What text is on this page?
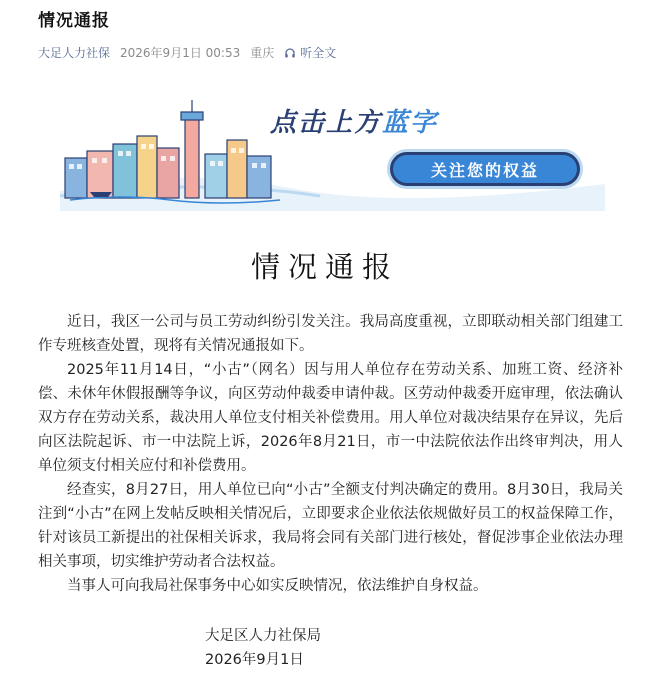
情况通报
大足人力社保 2026年9月1日 00:53 重庆 听全文
点击上方蓝字
关注您的权益
情况通报

近日，我区一公司与员工劳动纠纷引发关注。我局高度重视，立即联动相关部门组建工作专班核查处置，现将有关情况通报如下。

2025年11月14日，“小古”（网名）因与用人单位存在劳动关系、加班工资、经济补偿、未休年休假报酬等争议，向区劳动仲裁委申请仲裁。区劳动仲裁委开庭审理，依法确认双方存在劳动关系，裁决用人单位支付相关补偿费用。用人单位对裁决结果存在异议，先后向区法院起诉、市一中法院上诉，2026年8月21日，市一中法院依法作出终审判决，用人单位须支付相关应付和补偿费用。

经查实，8月27日，用人单位已向“小古”全额支付判决确定的费用。8月30日，我局关注到“小古”在网上发帖反映相关情况后，立即要求企业依法依规做好员工的权益保障工作，针对该员工新提出的社保相关诉求，我局将会同有关部门进行核处，督促涉事企业依法办理相关事项，切实维护劳动者合法权益。

当事人可向我局社保事务中心如实反映情况，依法维护自身权益。

大足区人力社保局
2026年9月1日
